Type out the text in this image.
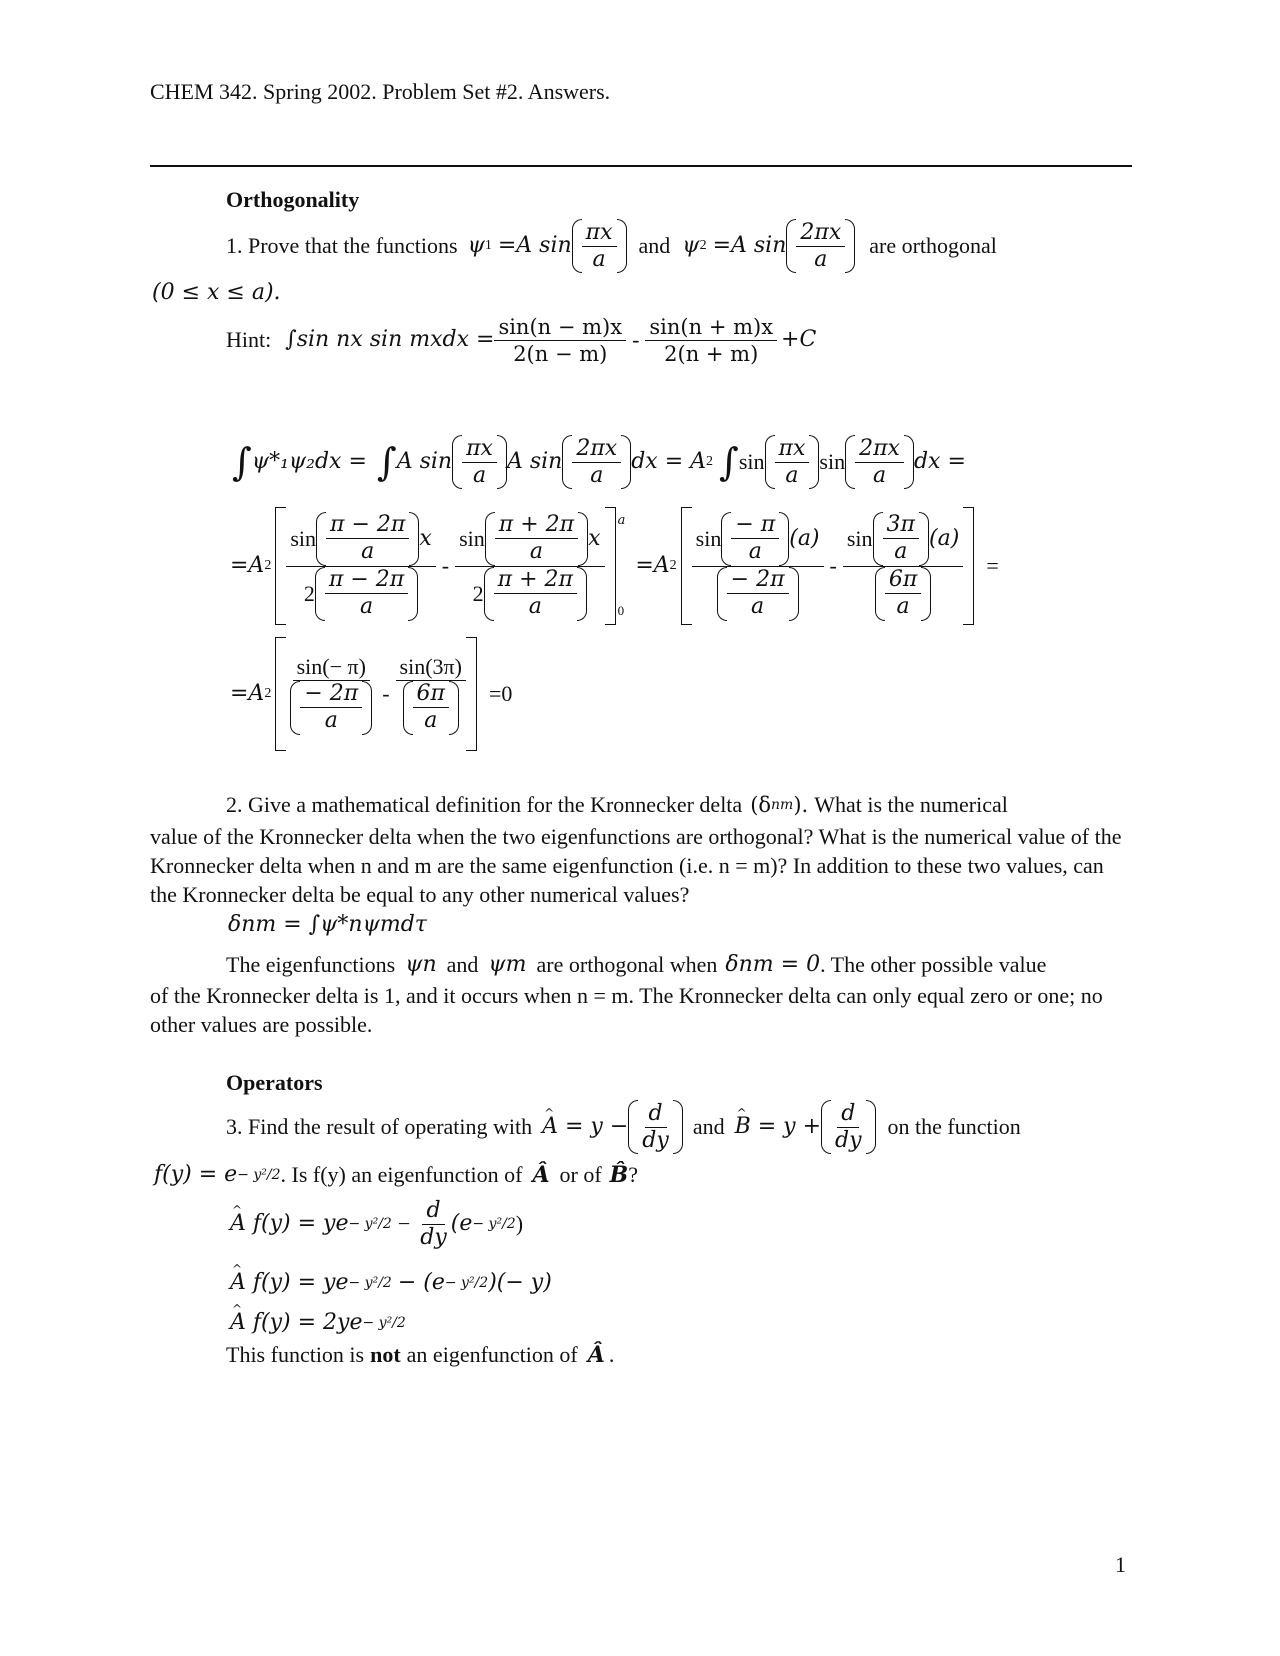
CHEM 342. Spring 2002. Problem Set #2. Answers.
Orthogonality
1. Prove that the functions ψ 1 =A $\sin \frac{\pi x}{a}$ and ψ 2 =A $\sin \frac{2\pi x}{a}$ are orthogonal
(0 ≤ x ≤ a).
Hint: ∫sin nx sin mxdx = $\frac{\sin(n - m)x}{2(n - m)} - \frac{\sin(n + m)x}{2(n + m)} +C$
∫ ψ*₁ψ₂dx = ∫ A $\sin \frac{\pi x}{a}$ A $\sin \frac{2\pi x}{a}$ dx = A 2 ∫ $\sin \frac{\pi x}{a}$ $\sin \frac{2\pi x}{a}$ dx =
=A $2 \frac{\sin \frac{\pi - 2\pi}{a} x}{2 \frac{\pi - 2\pi}{a}} - \frac{\sin \frac{\pi + 2\pi}{a} x}{2 \frac{\pi + 2\pi}{a}}$ a
0
=A $2 \frac{\sin \frac{- \pi}{a} (a)}{\frac{- 2\pi}{a}} - \frac{\sin \frac{3\pi}{a} (a)}{\frac{6\pi}{a}}$	=
=A $2 \frac{\sin(- \pi)}{\frac{- 2\pi}{a}} - \frac{\sin(3\pi)}{\frac{6\pi}{a}}$	=0
2. Give a mathematical definition for the Kronnecker delta (δ nm ). What is the numerical
value of the Kronnecker delta when the two eigenfunctions are orthogonal? What is the numerical value of the Kronnecker delta when n and m are the same eigenfunction (i.e. n = m)? In addition to these two values, can the Kronnecker delta be equal to any other numerical values?
δnm = ∫ψ*nψmdτ
The eigenfunctions ψn and ψm are orthogonal when δnm = 0 . The other possible value
of the Kronnecker delta is 1, and it occurs when n = m. The Kronnecker delta can only equal zero or one; no other values are possible.
Operators
3. Find the result of operating with ^ $A = y - \frac{d}{dy}$ and ^ $B = y + \frac{d}{dy}$ on the function
f(y) = e − y²/2 . Is f(y) an eigenfunction of Â or of B̂ ?
^ A f(y) = ye − $y^2/2 - \frac{d}{dy} (e - y^2/2$ )
^ A f(y) = ye − y²/2 − (e − y²/2 )(− y)
^ A f(y) = 2ye − y²/2
This function is not an eigenfunction of Â .
1
